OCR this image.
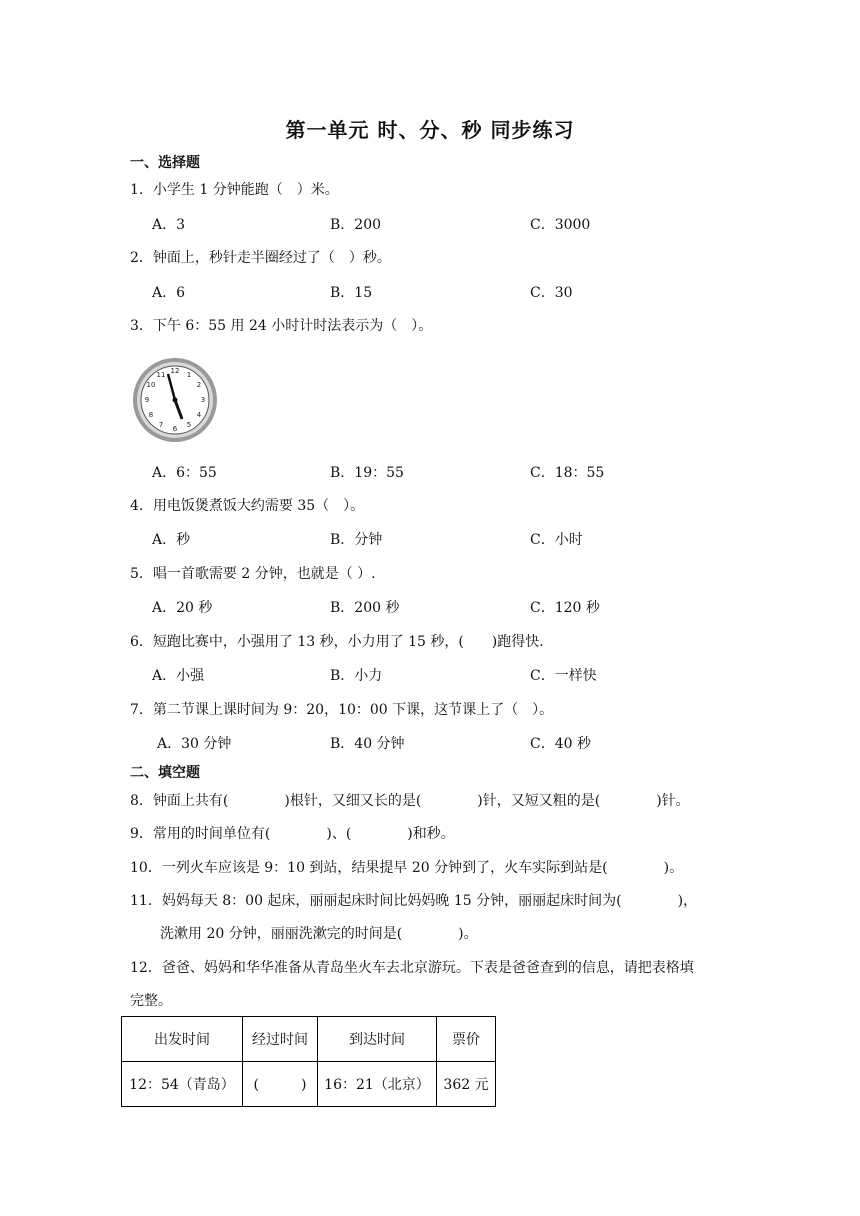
第一单元 时、分、秒 同步练习
一、选择题
1．小学生 1 分钟能跑（　）米。
A．3	B．200	C．3000
2．钟面上，秒针走半圈经过了（　）秒。
A．6	B．15	C．30
3．下午 6：55 用 24 小时计时法表示为（　）。
12 1
2
3
4
5
6
7
8
9
10
11
A．6：55	B．19：55	C．18：55
4．用电饭煲煮饭大约需要 35（　）。
A．秒	B．分钟	C．小时
5．唱一首歌需要 2 分钟，也就是（ ）.
A．20 秒	B．200 秒	C．120 秒
6．短跑比赛中，小强用了 13 秒，小力用了 15 秒，(　　)跑得快.
A．小强	B．小力	C．一样快
7．第二节课上课时间为 9：20，10：00 下课，这节课上了（　）。
A．30 分钟	B．40 分钟	C．40 秒
二、填空题
8．钟面上共有(　　　　)根针，又细又长的是(　　　　)针，又短又粗的是(　　　　)针。
9．常用的时间单位有(　　　　)、(　　　　)和秒。
10．一列火车应该是 9：10 到站，结果提早 20 分钟到了，火车实际到站是(　　　　)。
11．妈妈每天 8：00 起床，丽丽起床时间比妈妈晚 15 分钟，丽丽起床时间为(　　　　)，
洗漱用 20 分钟，丽丽洗漱完的时间是(　　　　)。
12．爸爸、妈妈和华华准备从青岛坐火车去北京游玩。下表是爸爸查到的信息，请把表格填
完整。
出发时间	经过时间	到达时间	票价
12：54（青岛）	(　　　)	16：21（北京）	362 元
